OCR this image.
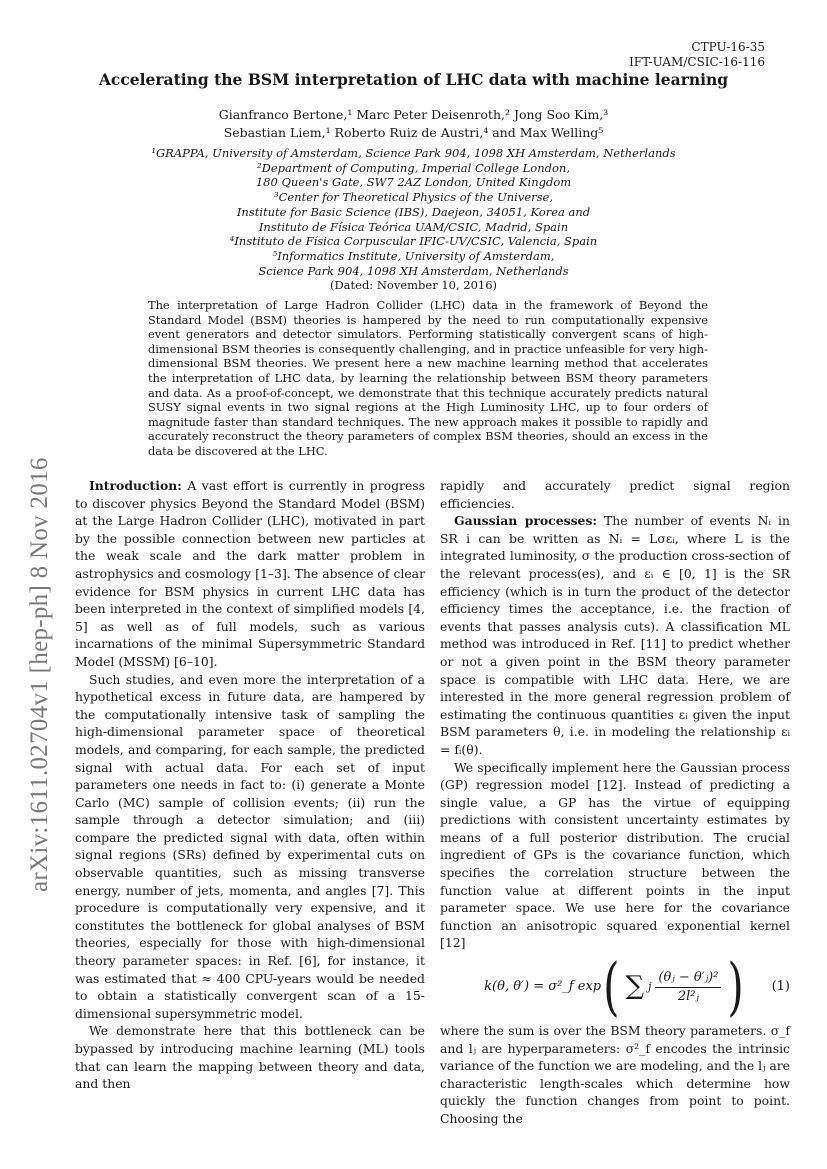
arXiv:1611.02704v1 [hep-ph] 8 Nov 2016
CTPU-16-35
IFT-UAM/CSIC-16-116
Accelerating the BSM interpretation of LHC data with machine learning
Gianfranco Bertone,¹ Marc Peter Deisenroth,² Jong Soo Kim,³
Sebastian Liem,¹ Roberto Ruiz de Austri,⁴ and Max Welling⁵
¹GRAPPA, University of Amsterdam, Science Park 904, 1098 XH Amsterdam, Netherlands
²Department of Computing, Imperial College London,
180 Queen's Gate, SW7 2AZ London, United Kingdom
³Center for Theoretical Physics of the Universe,
Institute for Basic Science (IBS), Daejeon, 34051, Korea and
Instituto de Física Teórica UAM/CSIC, Madrid, Spain
⁴Instituto de Física Corpuscular IFIC-UV/CSIC, Valencia, Spain
⁵Informatics Institute, University of Amsterdam,
Science Park 904, 1098 XH Amsterdam, Netherlands
(Dated: November 10, 2016)
The interpretation of Large Hadron Collider (LHC) data in the framework of Beyond the Standard Model (BSM) theories is hampered by the need to run computationally expensive event generators and detector simulators. Performing statistically convergent scans of high-dimensional BSM theories is consequently challenging, and in practice unfeasible for very high-dimensional BSM theories. We present here a new machine learning method that accelerates the interpretation of LHC data, by learning the relationship between BSM theory parameters and data. As a proof-of-concept, we demonstrate that this technique accurately predicts natural SUSY signal events in two signal regions at the High Luminosity LHC, up to four orders of magnitude faster than standard techniques. The new approach makes it possible to rapidly and accurately reconstruct the theory parameters of complex BSM theories, should an excess in the data be discovered at the LHC.

Introduction: A vast effort is currently in progress to discover physics Beyond the Standard Model (BSM) at the Large Hadron Collider (LHC), motivated in part by the possible connection between new particles at the weak scale and the dark matter problem in astrophysics and cosmology [1–3]. The absence of clear evidence for BSM physics in current LHC data has been interpreted in the context of simplified models [4, 5] as well as of full models, such as various incarnations of the minimal Supersymmetric Standard Model (MSSM) [6–10].

Such studies, and even more the interpretation of a hypothetical excess in future data, are hampered by the computationally intensive task of sampling the high-dimensional parameter space of theoretical models, and comparing, for each sample, the predicted signal with actual data. For each set of input parameters one needs in fact to: (i) generate a Monte Carlo (MC) sample of collision events; (ii) run the sample through a detector simulation; and (iii) compare the predicted signal with data, often within signal regions (SRs) defined by experimental cuts on observable quantities, such as missing transverse energy, number of jets, momenta, and angles [7]. This procedure is computationally very expensive, and it constitutes the bottleneck for global analyses of BSM theories, especially for those with high-dimensional theory parameter spaces: in Ref. [6], for instance, it was estimated that ≈ 400 CPU-years would be needed to obtain a statistically convergent scan of a 15-dimensional supersymmetric model.

We demonstrate here that this bottleneck can be bypassed by introducing machine learning (ML) tools that can learn the mapping between theory and data, and then

rapidly and accurately predict signal region efficiencies.

Gaussian processes: The number of events Nᵢ in SR i can be written as Nᵢ = Lσεᵢ, where L is the integrated luminosity, σ the production cross-section of the relevant process(es), and εᵢ ∈ [0, 1] is the SR efficiency (which is in turn the product of the detector efficiency times the acceptance, i.e. the fraction of events that passes analysis cuts). A classification ML method was introduced in Ref. [11] to predict whether or not a given point in the BSM theory parameter space is compatible with LHC data. Here, we are interested in the more general regression problem of estimating the continuous quantities εᵢ given the input BSM parameters θ, i.e. in modeling the relationship εᵢ = fᵢ(θ).

We specifically implement here the Gaussian process (GP) regression model [12]. Instead of predicting a single value, a GP has the virtue of equipping predictions with consistent uncertainty estimates by means of a full posterior distribution. The crucial ingredient of GPs is the covariance function, which specifies the correlation structure between the function value at different points in the input parameter space. We use here for the covariance function an anisotropic squared exponential kernel [12]

k(θ, θ′) = σ²_f exp ( ∑ j $\frac{\text{(θⱼ − θ′ⱼ)²}}{\text{2l²ⱼ}}$ ) (1)

where the sum is over the BSM theory parameters. σ_f and lⱼ are hyperparameters: σ²_f encodes the intrinsic variance of the function we are modeling, and the lⱼ are characteristic length-scales which determine how quickly the function changes from point to point. Choosing the
